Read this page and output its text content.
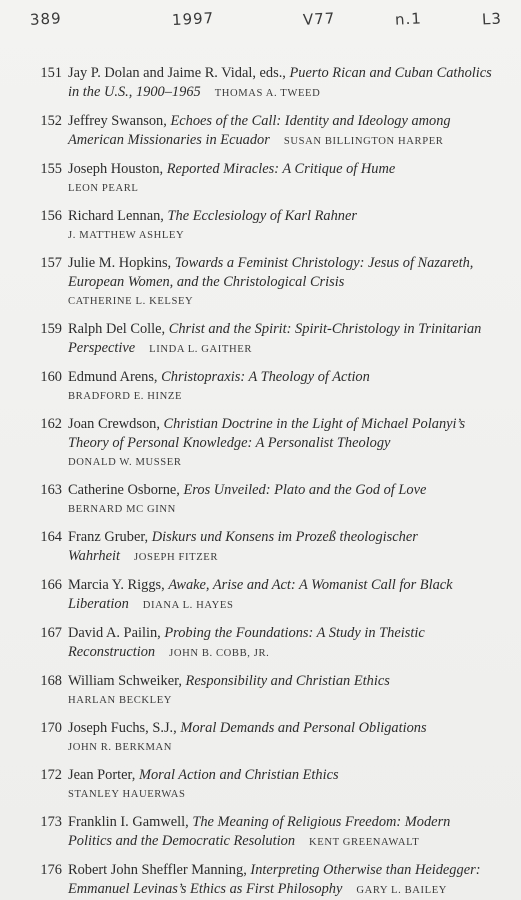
389	1997	V77	n.1	L3
151 Jay P. Dolan and Jaime R. Vidal, eds., Puerto Rican and Cuban Catholics in the U.S., 1900–1965 THOMAS A. TWEED
152 Jeffrey Swanson, Echoes of the Call: Identity and Ideology among American Missionaries in Ecuador SUSAN BILLINGTON HARPER
155 Joseph Houston, Reported Miracles: A Critique of Hume
LEON PEARL
156 Richard Lennan, The Ecclesiology of Karl Rahner
J. MATTHEW ASHLEY
157 Julie M. Hopkins, Towards a Feminist Christology: Jesus of Nazareth, European Women, and the Christological Crisis
CATHERINE L. KELSEY
159 Ralph Del Colle, Christ and the Spirit: Spirit-Christology in Trinitarian Perspective LINDA L. GAITHER
160 Edmund Arens, Christopraxis: A Theology of Action
BRADFORD E. HINZE
162 Joan Crewdson, Christian Doctrine in the Light of Michael Polanyi’s Theory of Personal Knowledge: A Personalist Theology
DONALD W. MUSSER
163 Catherine Osborne, Eros Unveiled: Plato and the God of Love
BERNARD MC GINN
164 Franz Gruber, Diskurs und Konsens im Prozeß theologischer Wahrheit JOSEPH FITZER
166 Marcia Y. Riggs, Awake, Arise and Act: A Womanist Call for Black Liberation DIANA L. HAYES
167 David A. Pailin, Probing the Foundations: A Study in Theistic Reconstruction JOHN B. COBB, JR.
168 William Schweiker, Responsibility and Christian Ethics
HARLAN BECKLEY
170 Joseph Fuchs, S.J., Moral Demands and Personal Obligations
JOHN R. BERKMAN
172 Jean Porter, Moral Action and Christian Ethics
STANLEY HAUERWAS
173 Franklin I. Gamwell, The Meaning of Religious Freedom: Modern Politics and the Democratic Resolution KENT GREENAWALT
176 Robert John Sheffler Manning, Interpreting Otherwise than Heidegger: Emmanuel Levinas’s Ethics as First Philosophy GARY L. BAILEY
